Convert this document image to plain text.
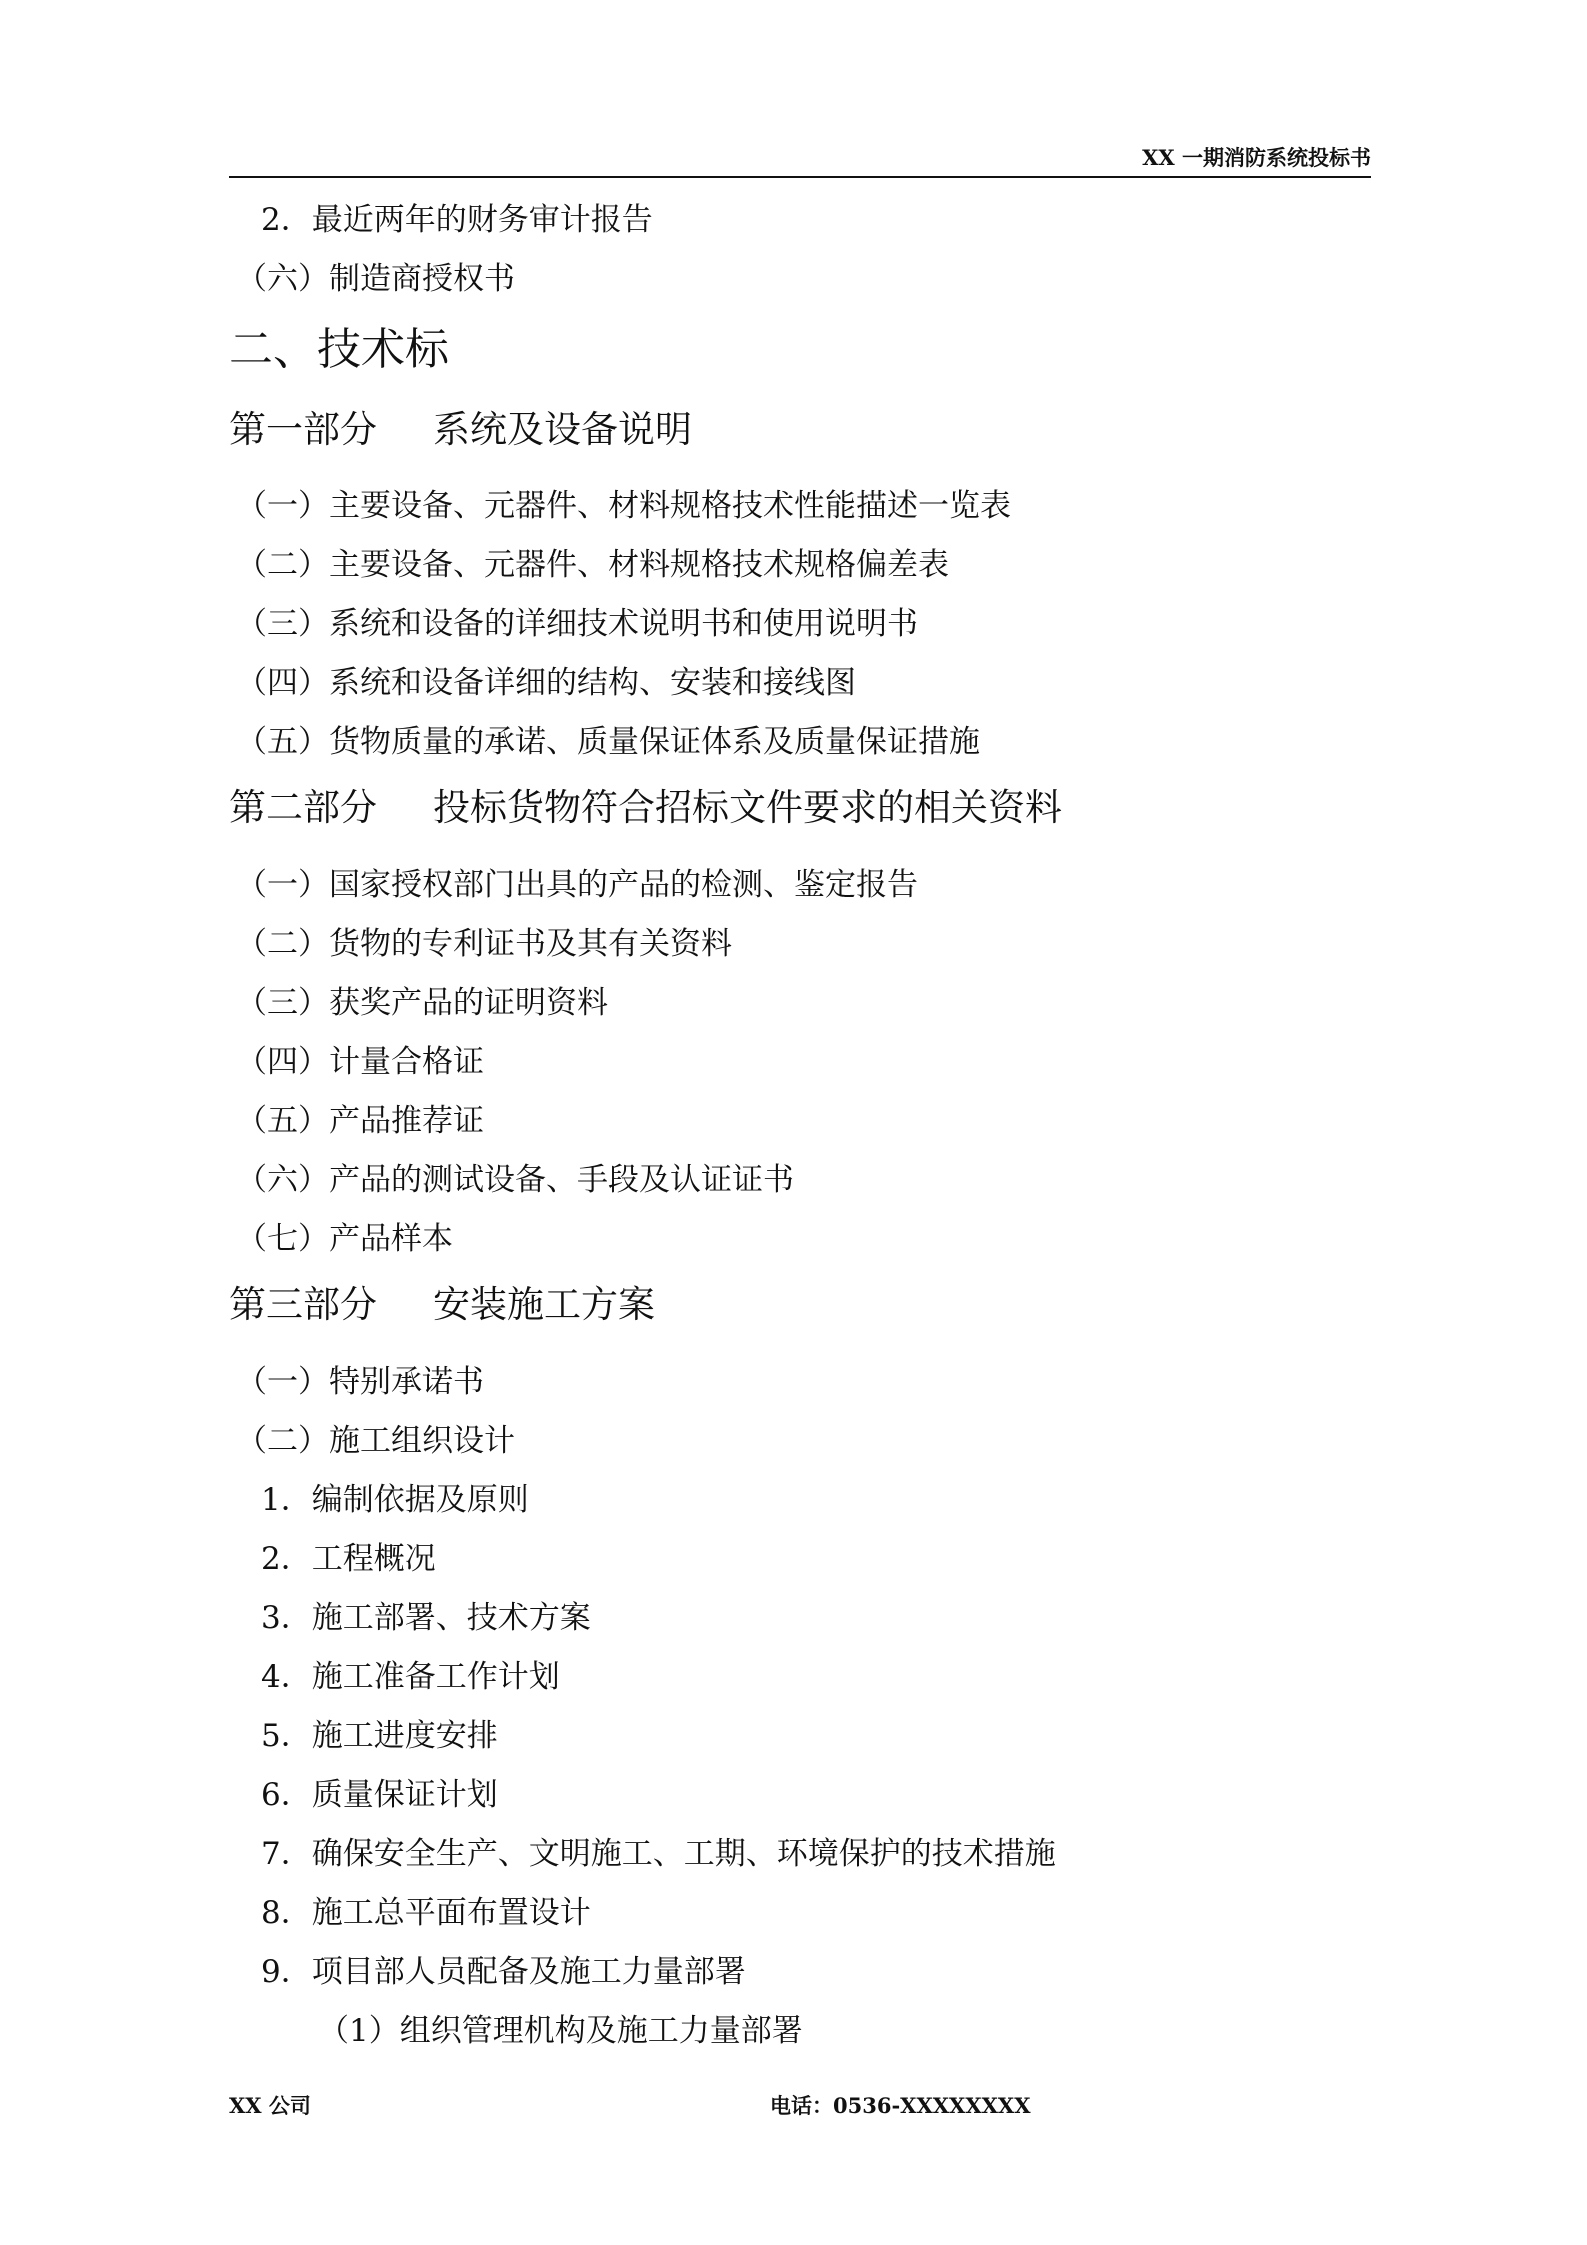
XX 一期消防系统投标书
2．最近两年的财务审计报告
（六）制造商授权书
二、技术标
第一部分 系统及设备说明
（一）主要设备、元器件、材料规格技术性能描述一览表
（二）主要设备、元器件、材料规格技术规格偏差表
（三）系统和设备的详细技术说明书和使用说明书
（四）系统和设备详细的结构、安装和接线图
（五）货物质量的承诺、质量保证体系及质量保证措施
第二部分 投标货物符合招标文件要求的相关资料
（一）国家授权部门出具的产品的检测、鉴定报告
（二）货物的专利证书及其有关资料
（三）获奖产品的证明资料
（四）计量合格证
（五）产品推荐证
（六）产品的测试设备、手段及认证证书
（七）产品样本
第三部分 安装施工方案
（一）特别承诺书
（二）施工组织设计
1．编制依据及原则
2．工程概况
3．施工部署、技术方案
4．施工准备工作计划
5．施工进度安排
6．质量保证计划
7．确保安全生产、文明施工、工期、环境保护的技术措施
8．施工总平面布置设计
9．项目部人员配备及施工力量部署
（1）组织管理机构及施工力量部署
XX 公司	电话：0536-XXXXXXXX
